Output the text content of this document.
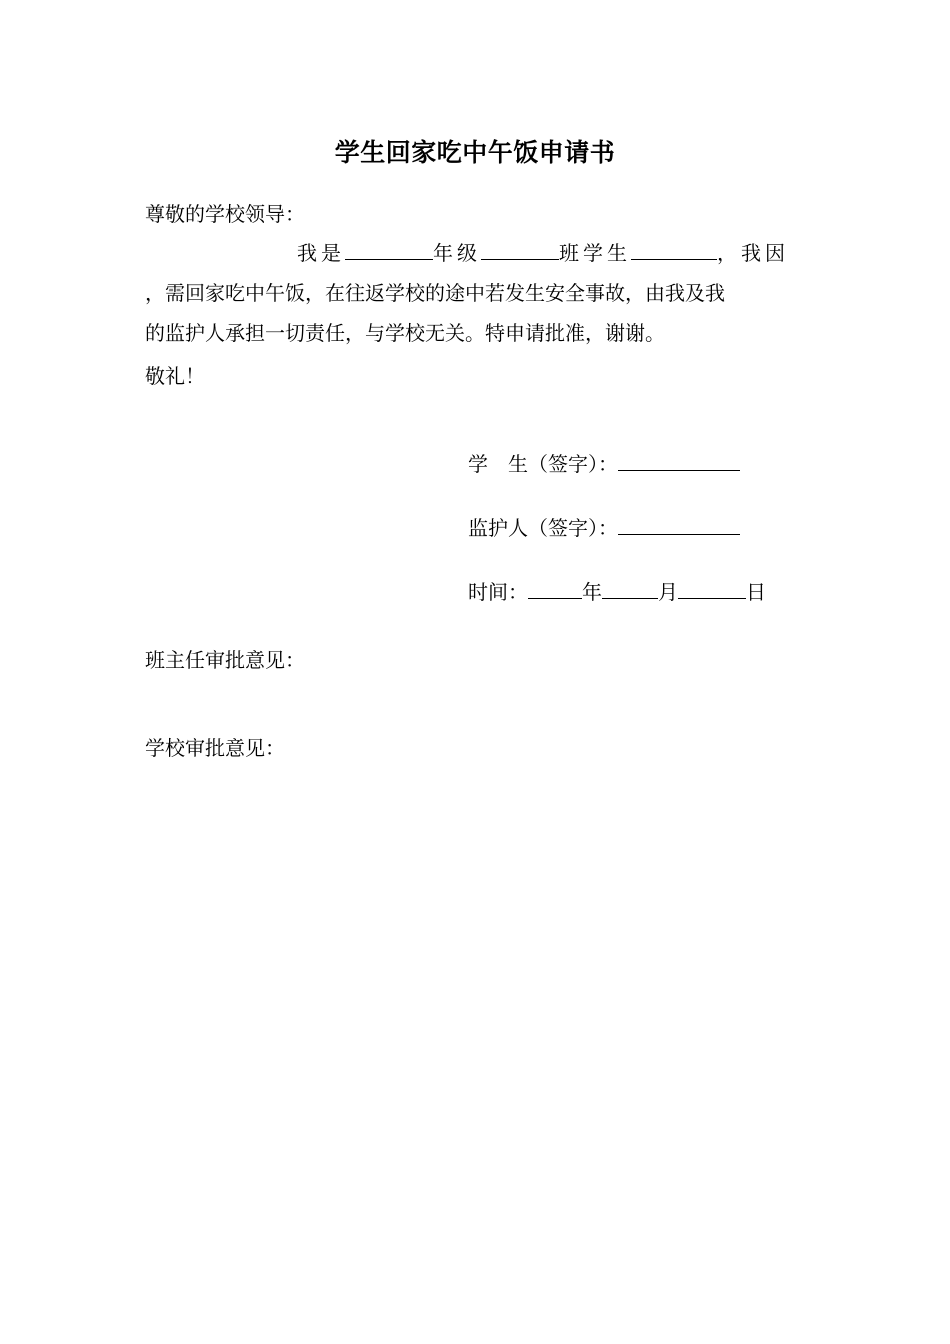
学生回家吃中午饭申请书
尊敬的学校领导：
我是	年级	班学生	，我因
，需回家吃中午饭，在往返学校的途中若发生安全事故，由我及我
的监护人承担一切责任，与学校无关。特申请批准，谢谢。
敬礼！
学　生（签字）：
监护人（签字）：
时间：	年	月	日
班主任审批意见：
学校审批意见：
